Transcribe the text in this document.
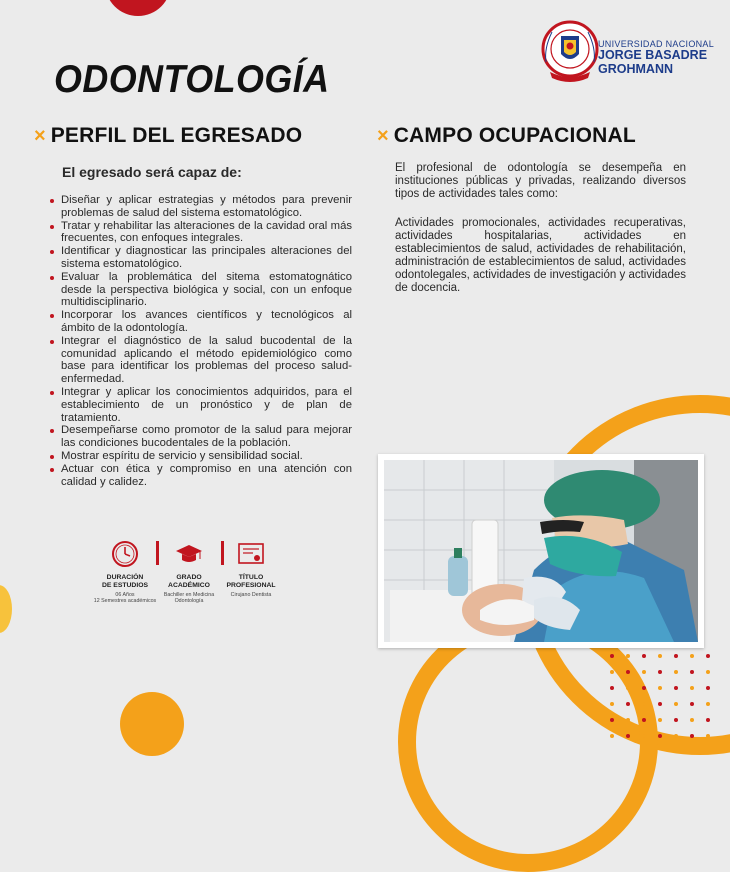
ODONTOLOGÍA
UNIVERSIDAD NACIONAL
JORGE BASADRE
GROHMANN
× PERFIL DEL EGRESADO

El egresado será capaz de:

Diseñar y aplicar estrategias y métodos para prevenir problemas de salud del sistema estomatológico.
Tratar y rehabilitar las alteraciones de la cavidad oral más frecuentes, con enfoques integrales.
Identificar y diagnosticar las principales alteraciones del sistema estomatológico.
Evaluar la problemática del sitema estomatognático desde la perspectiva biológica y social, con un enfoque multidisciplinario.
Incorporar los avances científicos y tecnológicos al ámbito de la odontología.
Integrar el diagnóstico de la salud bucodental de la comunidad aplicando el método epidemiológico como base para identificar los problemas del proceso salud-enfermedad.
Integrar y aplicar los conocimientos adquiridos, para el establecimiento de un pronóstico y de plan de tratamiento.
Desempeñarse como promotor de la salud para mejorar las condiciones bucodentales de la población.
Mostrar espíritu de servicio y sensibilidad social.
Actuar con ética y compromiso en una atención con calidad y calidez.
× CAMPO OCUPACIONAL

El profesional de odontología se desempeña en instituciones públicas y privadas, realizando diversos tipos de actividades tales como:

Actividades promocionales, actividades recuperativas, actividades hospitalarias, actividades en establecimientos de salud, actividades de rehabilitación, administración de establecimientos de salud, actividades odontolegales, actividades de investigación y actividades de docencia.

DURACIÓN
DE ESTUDIOS
06 Años
12 Semestres académicos
GRADO
ACADÉMICO
Bachiller en Medicina
Odontología
TÍTULO
PROFESIONAL
Cirujano Dentista
